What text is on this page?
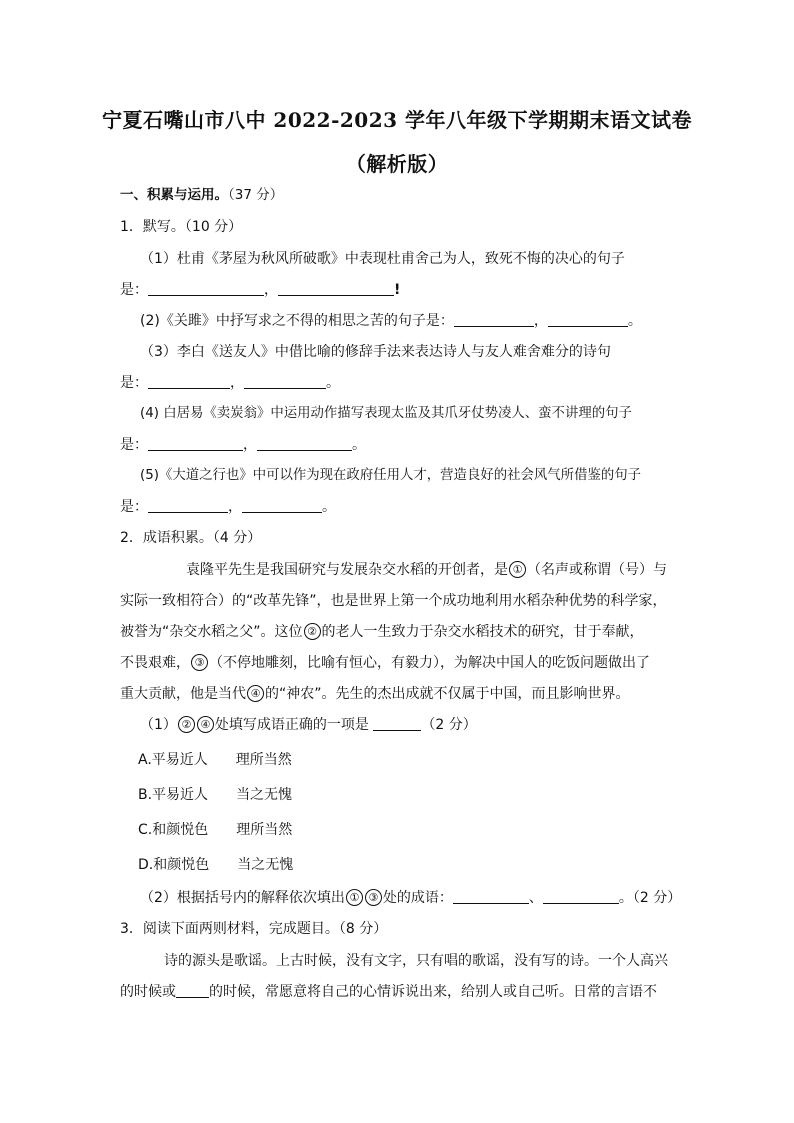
宁夏石嘴山市八中 2022-2023 学年八年级下学期期末语文试卷
（解析版）
一、积累与运用。（37 分）
1．默写。（10 分）
（1）杜甫《茅屋为秋风所破歌》中表现杜甫舍己为人，致死不悔的决心的句子
是：	，	!
(2)《关雎》中抒写求之不得的相思之苦的句子是：	，	。
（3）李白《送友人》中借比喻的修辞手法来表达诗人与友人难舍难分的诗句
是：	，	。
(4) 白居易《卖炭翁》中运用动作描写表现太监及其爪牙仗势凌人、蛮不讲理的句子
是：	，	。
(5)《大道之行也》中可以作为现在政府任用人才，营造良好的社会风气所借鉴的句子
是：	，	。
2．成语积累。（4 分）
袁隆平先生是我国研究与发展杂交水稻的开创者，是 ① （名声或称谓（号）与
实际一致相符合）的“改革先锋”，也是世界上第一个成功地利用水稻杂种优势的科学家，
被誉为“杂交水稻之父”。这位 ② 的老人一生致力于杂交水稻技术的研究，甘于奉献，
不畏艰难， ③ （不停地雕刻，比喻有恒心，有毅力），为解决中国人的吃饭问题做出了
重大贡献，他是当代 ④ 的“神农”。先生的杰出成就不仅属于中国，而且影响世界。
（1） ② ④ 处填写成语正确的一项是	（2 分）
A.平易近人 理所当然
B.平易近人 当之无愧
C.和颜悦色 理所当然
D.和颜悦色 当之无愧
（2）根据括号内的解释依次填出 ① ③ 处的成语：	、	。（2 分）
3．阅读下面两则材料，完成题目。（8 分）
诗的源头是歌谣。上古时候，没有文字，只有唱的歌谣，没有写的诗。一个人高兴
的时候或 的时候，常愿意将自己的心情诉说出来，给别人或自己听。日常的言语不
